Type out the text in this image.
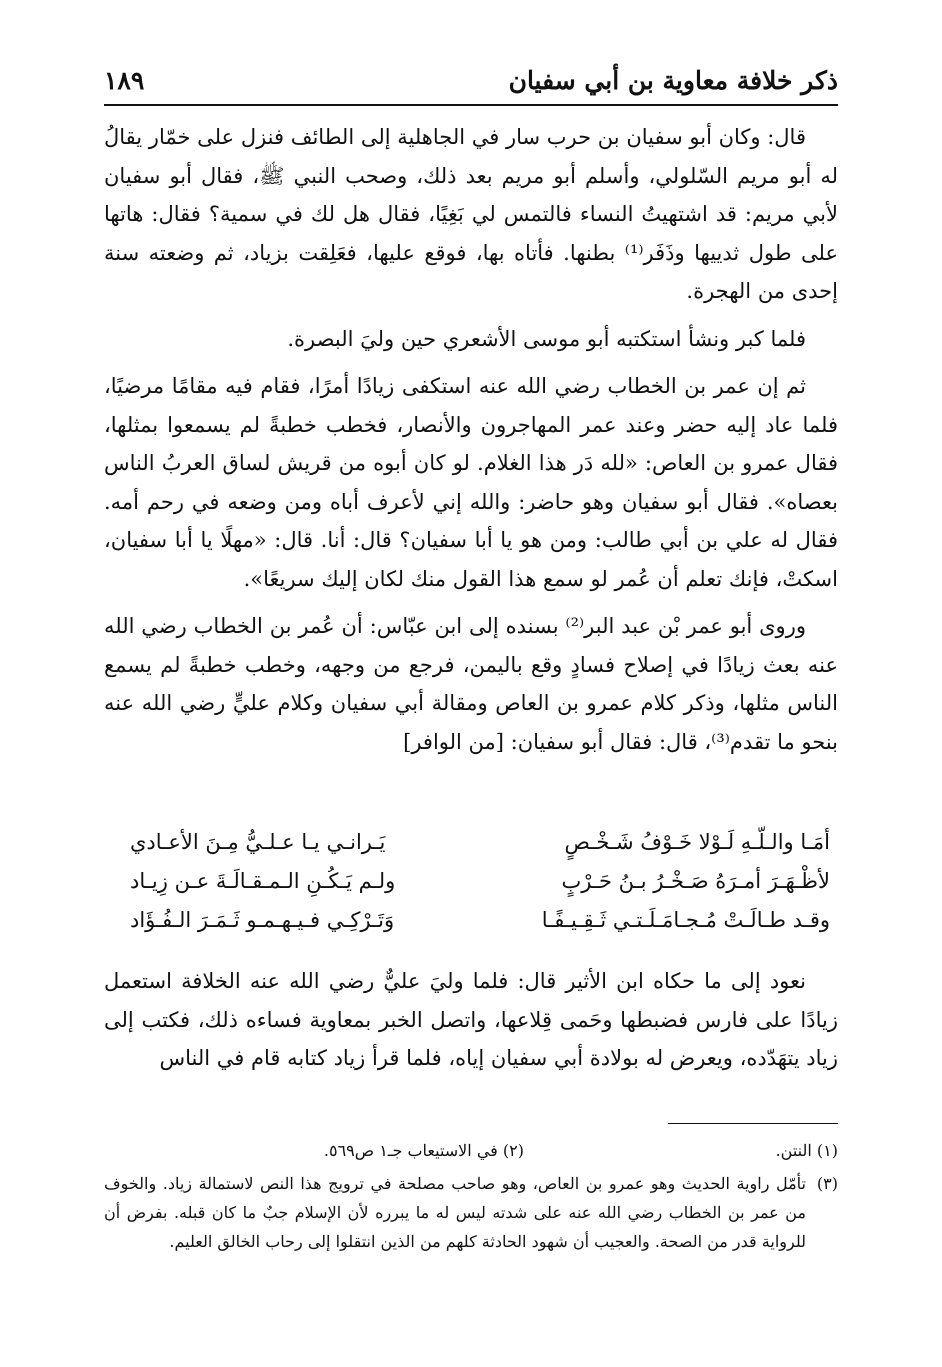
ذكر خلافة معاوية بن أبي سفيان
١٨٩

قال: وكان أبو سفيان بن حرب سار في الجاهلية إلى الطائف فنزل على خمّار يقالُ له أبو مريم السّلولي، وأسلم أبو مريم بعد ذلك، وصحب النبي ﷺ، فقال أبو سفيان لأبي مريم: قد اشتهيتُ النساء فالتمس لي بَغِيًا، فقال هل لك في سمية؟ فقال: هاتها على طول ثدييها وذَفَر⁽¹⁾ بطنها. فأتاه بها، فوقع عليها، فعَلِقت بزياد، ثم وضعته سنة إحدى من الهجرة.

فلما كبر ونشأ استكتبه أبو موسى الأشعري حين وليَ البصرة.

ثم إن عمر بن الخطاب رضي الله عنه استكفى زيادًا أمرًا، فقام فيه مقامًا مرضيًا، فلما عاد إليه حضر وعند عمر المهاجرون والأنصار، فخطب خطبةً لم يسمعوا بمثلها، فقال عمرو بن العاص: «لله دَر هذا الغلام. لو كان أبوه من قريش لساق العربُ الناس بعصاه». فقال أبو سفيان وهو حاضر: والله إني لأعرف أباه ومن وضعه في رحم أمه. فقال له علي بن أبي طالب: ومن هو يا أبا سفيان؟ قال: أنا. قال: «مهلًا يا أبا سفيان، اسكتْ، فإنك تعلم أن عُمر لو سمع هذا القول منك لكان إليك سريعًا».

وروى أبو عمر بْن عبد البر⁽²⁾ بسنده إلى ابن عبّاس: أن عُمر بن الخطاب رضي الله عنه بعث زيادًا في إصلاح فسادٍ وقع باليمن، فرجع من وجهه، وخطب خطبةً لم يسمع الناس مثلها، وذكر كلام عمرو بن العاص ومقالة أبي سفيان وكلام عليٍّ رضي الله عنه بنحو ما تقدم⁽³⁾، قال: فقال أبو سفيان: [من الوافر]

أمَـا والـلّـهِ لَـوْلا خَـوْفُ شَـخْـصٍ
يَـرانـي يـا عـلـيُّ مِـنَ الأعـادي
لأظْـهَـرَ أمـرَهُ صَـخْـرُ بـنُ حَـرْبٍ
ولـم يَـكُـنِ الـمـقـالَـةَ عـن زِيـاد
وقـد طـالَـتْ مُـجـامَـلَـتـي ثَـقِـيـفًـا
وَتَـرْكِـي فـيـهـمـو ثَـمَـرَ الـفُـؤَاد

نعود إلى ما حكاه ابن الأثير قال: فلما وليَ عليٌّ رضي الله عنه الخلافة استعمل زيادًا على فارس فضبطها وحَمى قِلاعها، واتصل الخبر بمعاوية فساءه ذلك، فكتب إلى زياد يتهَدّده، ويعرض له بولادة أبي سفيان إياه، فلما قرأ زياد كتابه قام في الناس

(١) النتن.
(٢) في الاستيعاب جـ١ ص٥٦٩.
(٣)
تأمّل راوية الحديث وهو عمرو بن العاص، وهو صاحب مصلحة في ترويج هذا النص لاستمالة زياد. والخوف من عمر بن الخطاب رضي الله عنه على شدته ليس له ما يبرره لأن الإسلام جبٌ ما كان قبله. بفرض أن للرواية قدر من الصحة. والعجيب أن شهود الحادثة كلهم من الذين انتقلوا إلى رحاب الخالق العليم.
